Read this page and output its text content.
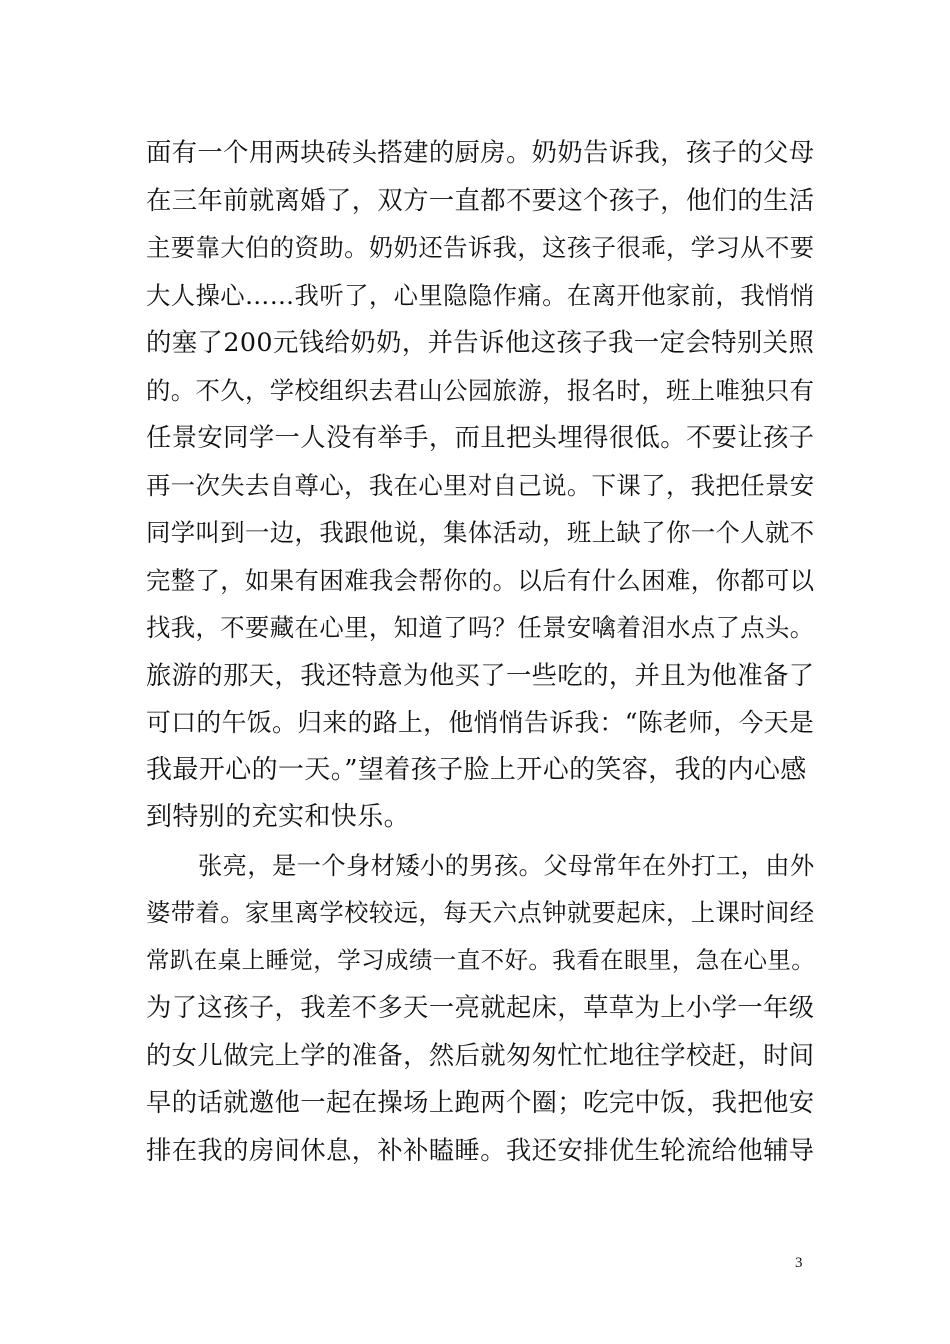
面有一个用两块砖头搭建的厨房。奶奶告诉我，孩子的父母
在三年前就离婚了，双方一直都不要这个孩子，他们的生活
主要靠大伯的资助。奶奶还告诉我，这孩子很乖，学习从不要
大人操心……我听了，心里隐隐作痛。在离开他家前，我悄悄
的塞了200元钱给奶奶，并告诉他这孩子我一定会特别关照
的。不久，学校组织去君山公园旅游，报名时，班上唯独只有
任景安同学一人没有举手，而且把头埋得很低。不要让孩子
再一次失去自尊心，我在心里对自己说。下课了，我把任景安
同学叫到一边，我跟他说，集体活动，班上缺了你一个人就不
完整了，如果有困难我会帮你的。以后有什么困难，你都可以
找我，不要藏在心里，知道了吗？任景安噙着泪水点了点头。
旅游的那天，我还特意为他买了一些吃的，并且为他准备了
可口的午饭。归来的路上，他悄悄告诉我：“陈老师，今天是
我最开心的一天。”望着孩子脸上开心的笑容，我的内心感
到特别的充实和快乐。
张亮，是一个身材矮小的男孩。父母常年在外打工，由外
婆带着。家里离学校较远，每天六点钟就要起床，上课时间经
常趴在桌上睡觉，学习成绩一直不好。我看在眼里，急在心里。
为了这孩子，我差不多天一亮就起床，草草为上小学一年级
的女儿做完上学的准备，然后就匆匆忙忙地往学校赶，时间
早的话就邀他一起在操场上跑两个圈；吃完中饭，我把他安
排在我的房间休息，补补瞌睡。我还安排优生轮流给他辅导
3
